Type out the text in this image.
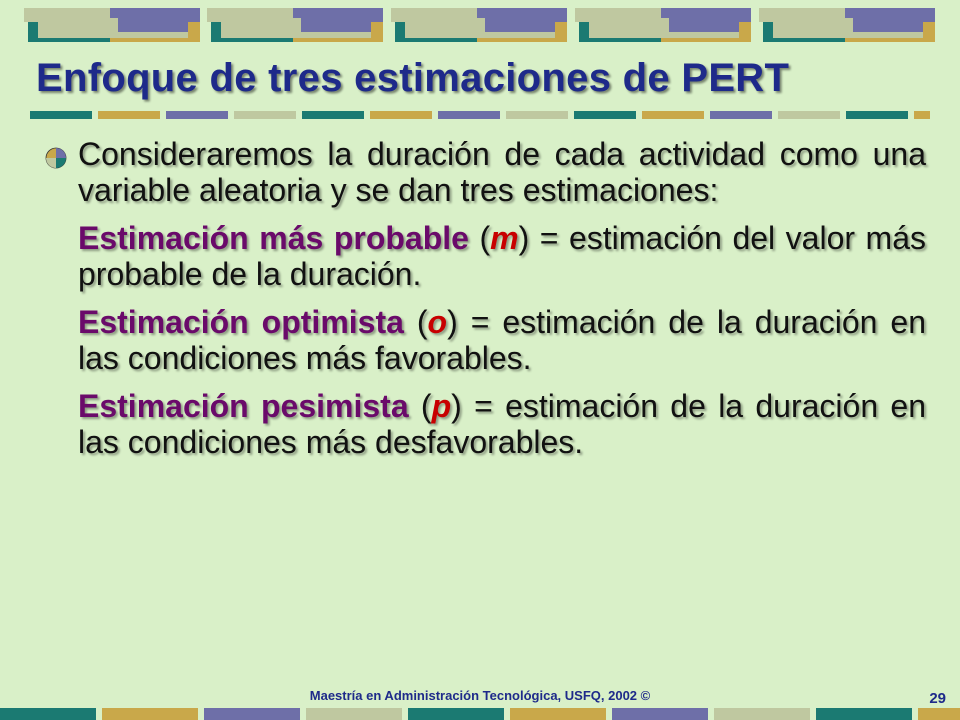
Enfoque de tres estimaciones de PERT

Consideraremos la duración de cada actividad como una variable aleatoria y se dan tres estimaciones:

Estimación más probable (m) = estimación del valor más probable de la duración.

Estimación optimista (o) = estimación de la duración en las condiciones más favorables.

Estimación pesimista (p) = estimación de la duración en las condiciones más desfavorables.

Maestría en Administración Tecnológica, USFQ, 2002 ©	29
